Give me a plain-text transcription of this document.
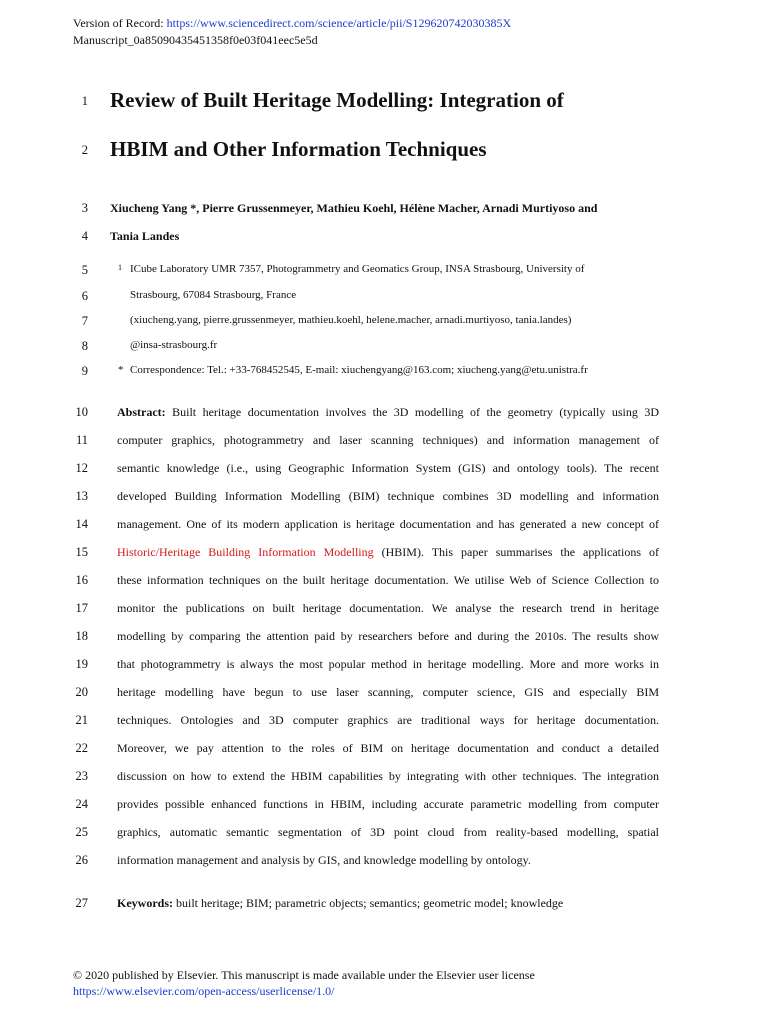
Version of Record: https://www.sciencedirect.com/science/article/pii/S129620742030385X
Manuscript_0a85090435451358f0e03f041eec5e5d
1 Review of Built Heritage Modelling: Integration of
2 HBIM and Other Information Techniques
3 Xiucheng Yang *, Pierre Grussenmeyer, Mathieu Koehl, Hélène Macher, Arnadi Murtiyoso and
4 Tania Landes
5	1 ICube Laboratory UMR 7357, Photogrammetry and Geomatics Group, INSA Strasbourg, University of
6	Strasbourg, 67084 Strasbourg, France
7	(xiucheng.yang, pierre.grussenmeyer, mathieu.koehl, helene.macher, arnadi.murtiyoso, tania.landes)
8	@insa-strasbourg.fr
9	* Correspondence: Tel.: +33-768452545, E-mail: xiuchengyang@163.com; xiucheng.yang@etu.unistra.fr
10 Abstract: Built heritage documentation involves the 3D modelling of the geometry (typically using 3D
11 computer graphics, photogrammetry and laser scanning techniques) and information management of
12 semantic knowledge (i.e., using Geographic Information System (GIS) and ontology tools). The recent
13 developed Building Information Modelling (BIM) technique combines 3D modelling and information
14 management. One of its modern application is heritage documentation and has generated a new concept of
15 Historic/Heritage Building Information Modelling (HBIM). This paper summarises the applications of
16 these information techniques on the built heritage documentation. We utilise Web of Science Collection to
17 monitor the publications on built heritage documentation. We analyse the research trend in heritage
18 modelling by comparing the attention paid by researchers before and during the 2010s. The results show
19 that photogrammetry is always the most popular method in heritage modelling. More and more works in
20 heritage modelling have begun to use laser scanning, computer science, GIS and especially BIM
21 techniques. Ontologies and 3D computer graphics are traditional ways for heritage documentation.
22 Moreover, we pay attention to the roles of BIM on heritage documentation and conduct a detailed
23 discussion on how to extend the HBIM capabilities by integrating with other techniques. The integration
24 provides possible enhanced functions in HBIM, including accurate parametric modelling from computer
25 graphics, automatic semantic segmentation of 3D point cloud from reality-based modelling, spatial
26 information management and analysis by GIS, and knowledge modelling by ontology.
27 Keywords: built heritage; BIM; parametric objects; semantics; geometric model; knowledge
© 2020 published by Elsevier. This manuscript is made available under the Elsevier user license
https://www.elsevier.com/open-access/userlicense/1.0/
